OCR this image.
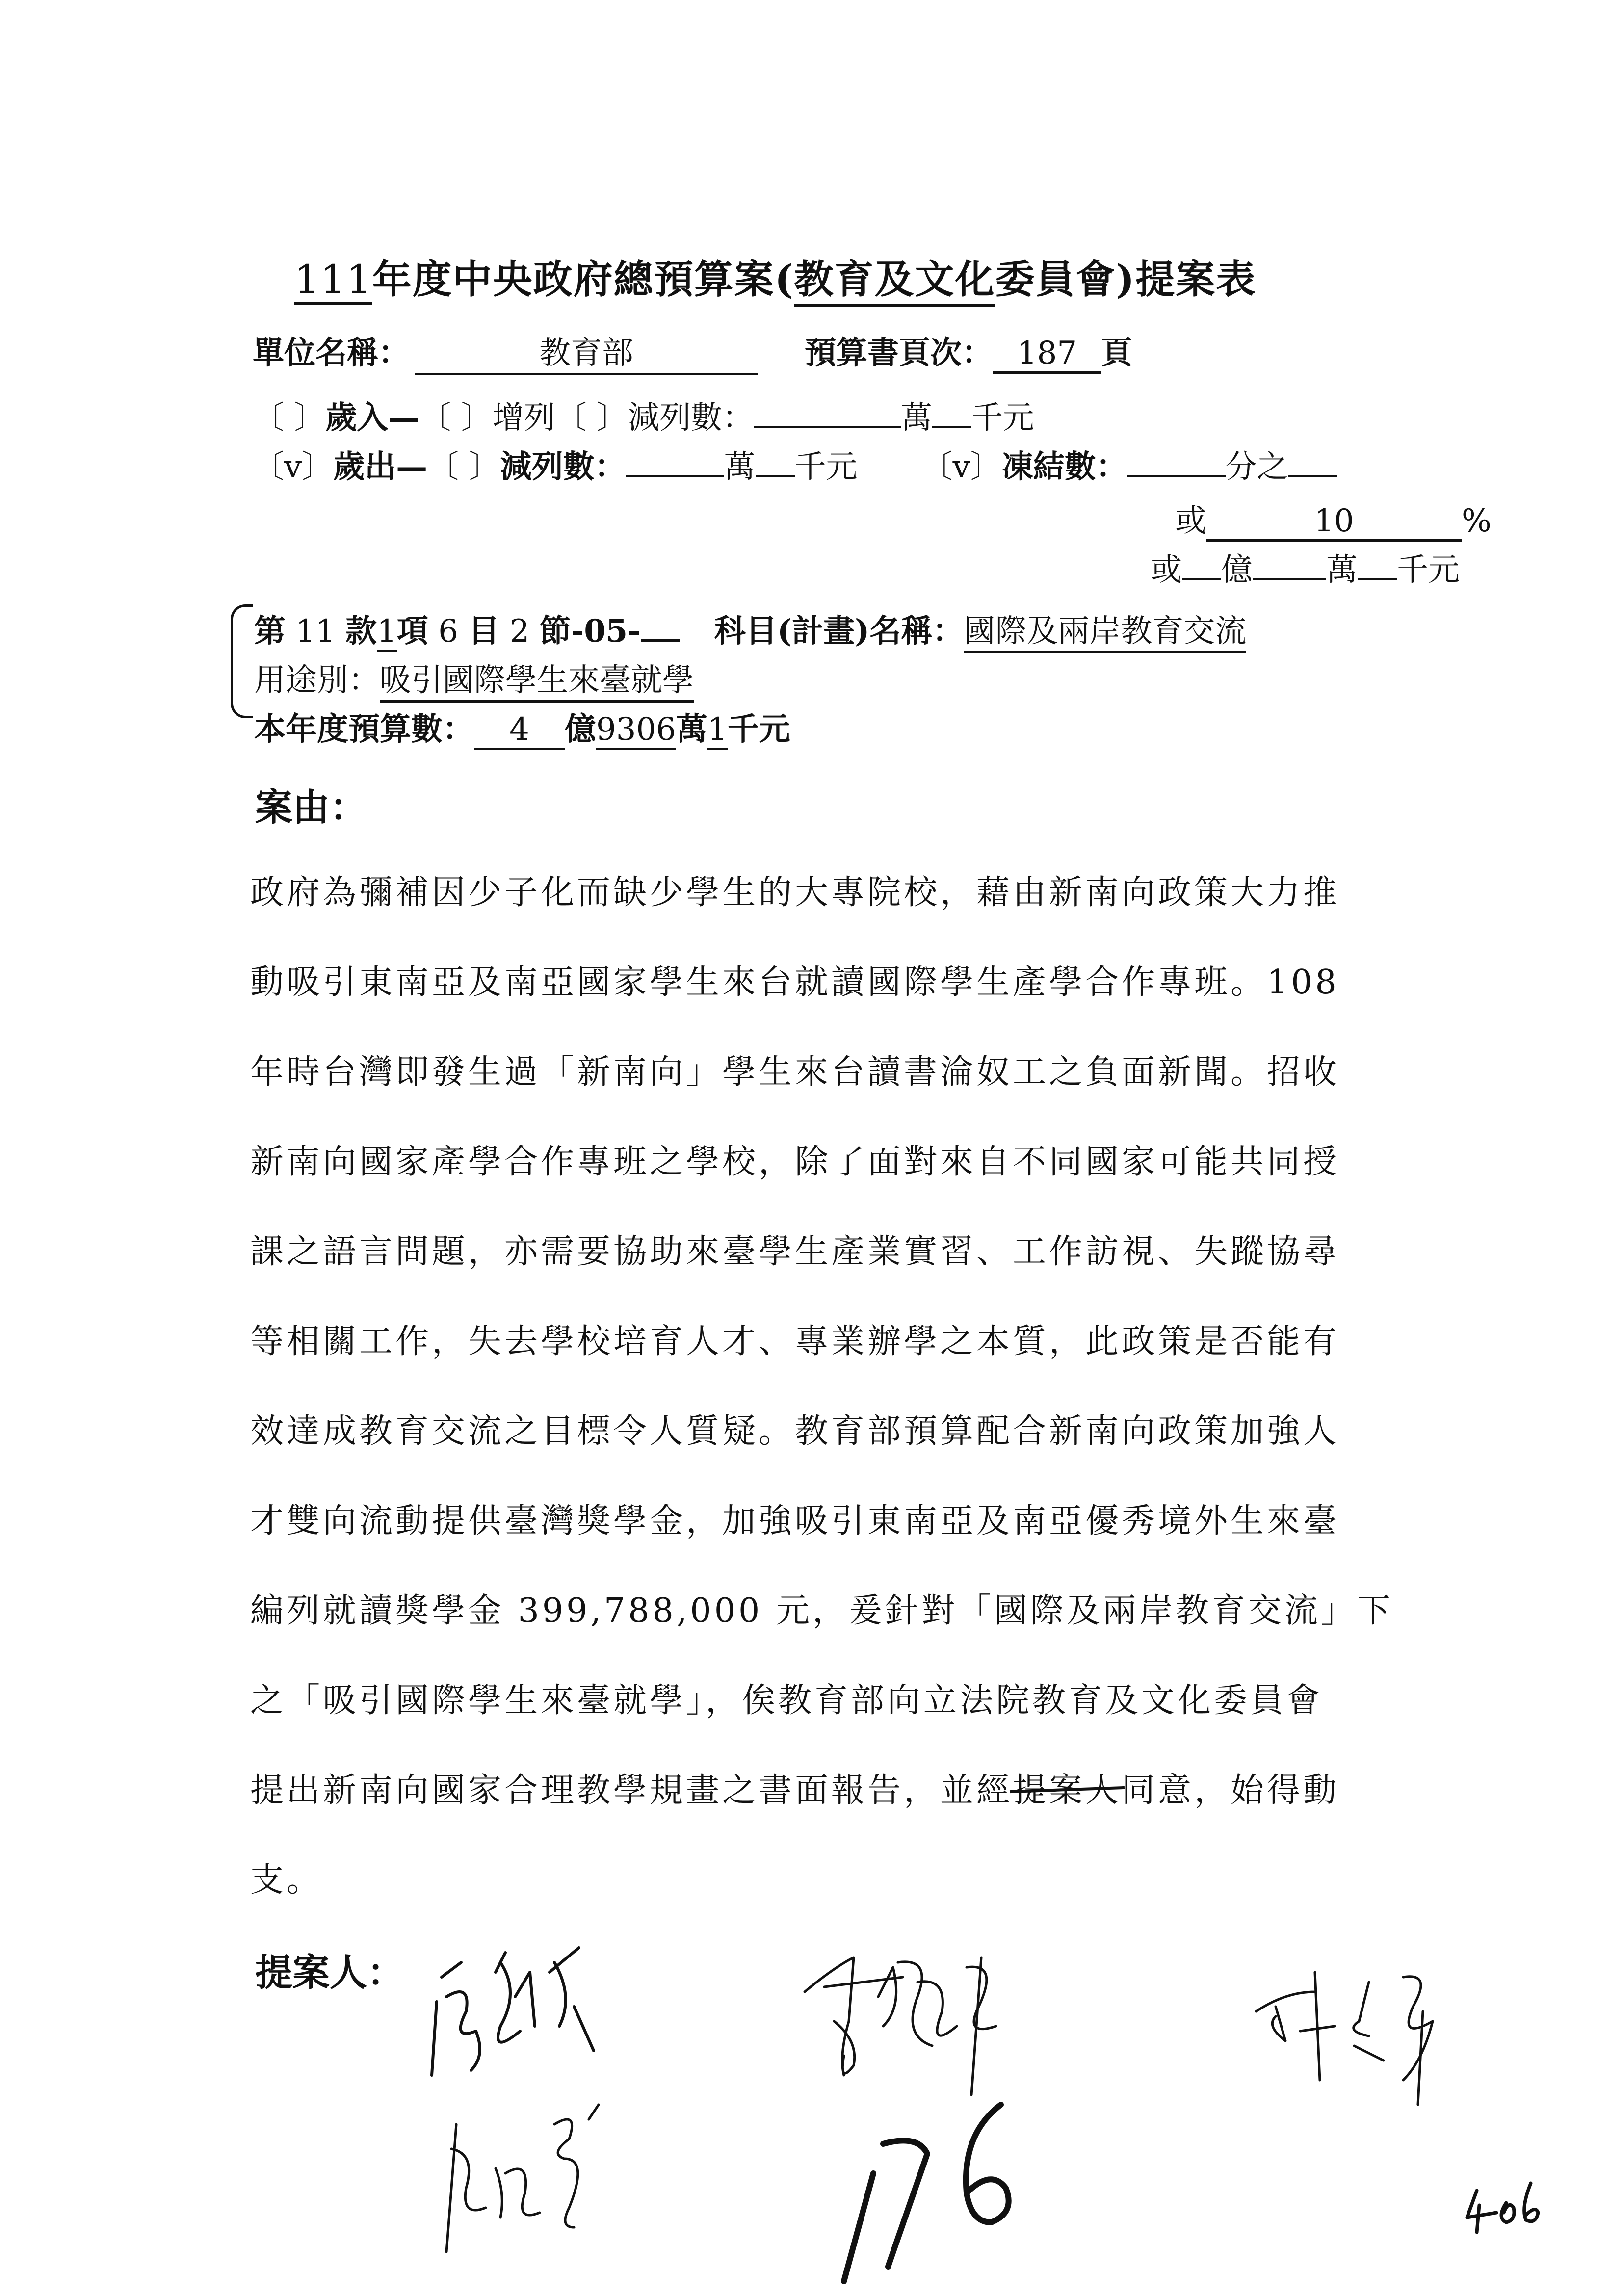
111年度中央政府總預算案(教育及文化委員會)提案表
單位名稱：	教育部	預算書頁次： 187 頁
〔 〕歲入—〔 〕增列〔 〕減列數：	萬 千元
〔v〕歲出—〔 〕減列數：	萬 千元 〔v〕凍結數：	分之
或	10	%
或 億 萬 千元
第 11 款1項 6 目 2 節-05- 科目(計畫)名稱：國際及兩岸教育交流
用途別：吸引國際學生來臺就學
本年度預算數： 4 億9306萬1千元
案由：
政府為彌補因少子化而缺少學生的大專院校，藉由新南向政策大力推
動吸引東南亞及南亞國家學生來台就讀國際學生產學合作專班。108
年時台灣即發生過「新南向」學生來台讀書淪奴工之負面新聞。招收
新南向國家產學合作專班之學校，除了面對來自不同國家可能共同授
課之語言問題，亦需要協助來臺學生產業實習、工作訪視、失蹤協尋
等相關工作，失去學校培育人才、專業辦學之本質，此政策是否能有
效達成教育交流之目標令人質疑。教育部預算配合新南向政策加強人
才雙向流動提供臺灣獎學金，加強吸引東南亞及南亞優秀境外生來臺
編列就讀獎學金 399,788,000 元，爰針對「國際及兩岸教育交流」下
之「吸引國際學生來臺就學」，俟教育部向立法院教育及文化委員會
提出新南向國家合理教學規畫之書面報告，並經提案人同意，始得動
支。
提案人：
